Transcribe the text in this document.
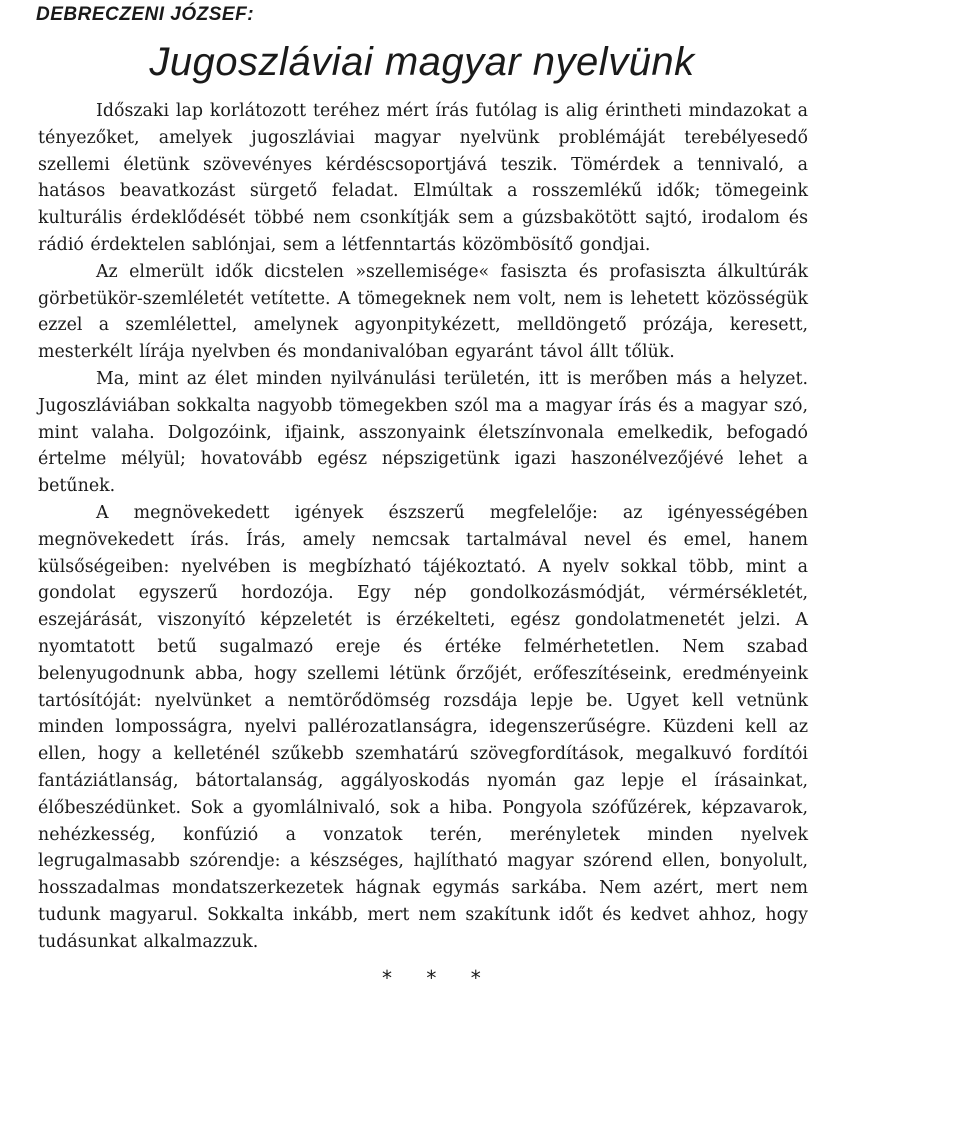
DEBRECZENI JÓZSEF:
Jugoszláviai magyar nyelvünk

Időszaki lap korlátozott teréhez mért írás futólag is alig érintheti mindazokat a tényezőket, amelyek jugoszláviai magyar nyelvünk problémáját terebélyesedő szellemi életünk szövevényes kérdéscsoportjává teszik. Tömérdek a tennivaló, a hatásos beavatkozást sürgető feladat. Elmúltak a rosszemlékű idők; tömegeink kulturális érdeklődését többé nem csonkítják sem a gúzsbakötött sajtó, irodalom és rádió érdektelen sablónjai, sem a létfenntartás közömbösítő gondjai.

Az elmerült idők dicstelen »szellemisége« fasiszta és profasiszta álkultúrák görbetükör-szemléletét vetítette. A tömegeknek nem volt, nem is lehetett közösségük ezzel a szemlélettel, amelynek agyonpitykézett, melldöngető prózája, keresett, mesterkélt lírája nyelvben és mondanivalóban egyaránt távol állt tőlük.

Ma, mint az élet minden nyilvánulási területén, itt is merőben más a helyzet. Jugoszláviában sokkalta nagyobb tömegekben szól ma a magyar írás és a magyar szó, mint valaha. Dolgozóink, ifjaink, asszonyaink életszínvonala emelkedik, befogadó értelme mélyül; hovatovább egész népszigetünk igazi haszonélvezőjévé lehet a betűnek.

A megnövekedett igények észszerű megfelelője: az igényességében megnövekedett írás. Írás, amely nemcsak tartalmával nevel és emel, hanem külsőségeiben: nyelvében is megbízható tájékoztató. A nyelv sokkal több, mint a gondolat egyszerű hordozója. Egy nép gondolkozásmódját, vérmérsékletét, eszejárását, viszonyító képzeletét is érzékelteti, egész gondolatmenetét jelzi. A nyomtatott betű sugalmazó ereje és értéke felmérhetetlen. Nem szabad belenyugodnunk abba, hogy szellemi létünk őrzőjét, erőfeszítéseink, eredményeink tartósítóját: nyelvünket a nemtörődömség rozsdája lepje be. Ugyet kell vetnünk minden lomposságra, nyelvi pallérozatlanságra, idegenszerűségre. Küzdeni kell az ellen, hogy a kelleténél szűkebb szemhatárú szövegfordítások, megalkuvó fordítói fantáziátlanság, bátortalanság, aggályoskodás nyomán gaz lepje el írásainkat, élőbeszédünket. Sok a gyomlálnivaló, sok a hiba. Pongyola szófűzérek, képzavarok, nehézkesség, konfúzió a vonzatok terén, merényletek minden nyelvek legrugalmasabb szórendje: a készséges, hajlítható magyar szórend ellen, bonyolult, hosszadalmas mondatszerkezetek hágnak egymás sarkába. Nem azért, mert nem tudunk magyarul. Sokkalta inkább, mert nem szakítunk időt és kedvet ahhoz, hogy tudásunkat alkalmazzuk.

* * *
